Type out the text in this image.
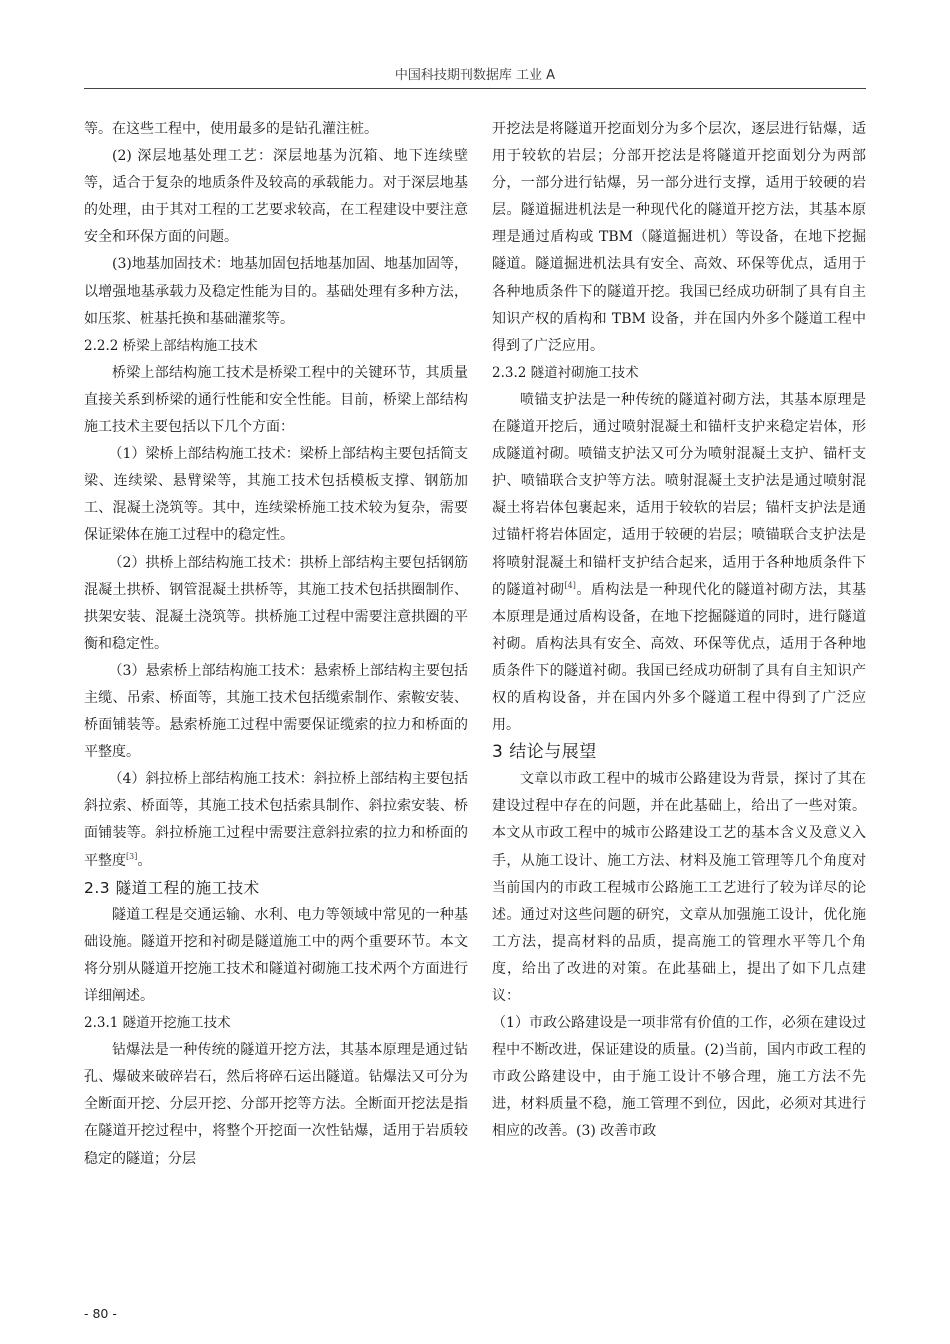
中国科技期刊数据库 工业 A

等。在这些工程中，使用最多的是钻孔灌注桩。

(2) 深层地基处理工艺：深层地基为沉箱、地下连续壁等，适合于复杂的地质条件及较高的承载能力。对于深层地基的处理，由于其对工程的工艺要求较高，在工程建设中要注意安全和环保方面的问题。

(3)地基加固技术：地基加固包括地基加固、地基加固等，以增强地基承载力及稳定性能为目的。基础处理有多种方法，如压浆、桩基托换和基础灌浆等。

2.2.2 桥梁上部结构施工技术

桥梁上部结构施工技术是桥梁工程中的关键环节，其质量直接关系到桥梁的通行性能和安全性能。目前，桥梁上部结构施工技术主要包括以下几个方面：

（1）梁桥上部结构施工技术：梁桥上部结构主要包括简支梁、连续梁、悬臂梁等，其施工技术包括模板支撑、钢筋加工、混凝土浇筑等。其中，连续梁桥施工技术较为复杂，需要保证梁体在施工过程中的稳定性。

（2）拱桥上部结构施工技术：拱桥上部结构主要包括钢筋混凝土拱桥、钢管混凝土拱桥等，其施工技术包括拱圈制作、拱架安装、混凝土浇筑等。拱桥施工过程中需要注意拱圈的平衡和稳定性。

（3）悬索桥上部结构施工技术：悬索桥上部结构主要包括主缆、吊索、桥面等，其施工技术包括缆索制作、索鞍安装、桥面铺装等。悬索桥施工过程中需要保证缆索的拉力和桥面的平整度。

（4）斜拉桥上部结构施工技术：斜拉桥上部结构主要包括斜拉索、桥面等，其施工技术包括索具制作、斜拉索安装、桥面铺装等。斜拉桥施工过程中需要注意斜拉索的拉力和桥面的平整度[3]。

2.3 隧道工程的施工技术

隧道工程是交通运输、水利、电力等领域中常见的一种基础设施。隧道开挖和衬砌是隧道施工中的两个重要环节。本文将分别从隧道开挖施工技术和隧道衬砌施工技术两个方面进行详细阐述。

2.3.1 隧道开挖施工技术

钻爆法是一种传统的隧道开挖方法，其基本原理是通过钻孔、爆破来破碎岩石，然后将碎石运出隧道。钻爆法又可分为全断面开挖、分层开挖、分部开挖等方法。全断面开挖法是指在隧道开挖过程中，将整个开挖面一次性钻爆，适用于岩质较稳定的隧道；分层

开挖法是将隧道开挖面划分为多个层次，逐层进行钻爆，适用于较软的岩层；分部开挖法是将隧道开挖面划分为两部分，一部分进行钻爆，另一部分进行支撑，适用于较硬的岩层。隧道掘进机法是一种现代化的隧道开挖方法，其基本原理是通过盾构或 TBM（隧道掘进机）等设备，在地下挖掘隧道。隧道掘进机法具有安全、高效、环保等优点，适用于各种地质条件下的隧道开挖。我国已经成功研制了具有自主知识产权的盾构和 TBM 设备，并在国内外多个隧道工程中得到了广泛应用。

2.3.2 隧道衬砌施工技术

喷锚支护法是一种传统的隧道衬砌方法，其基本原理是在隧道开挖后，通过喷射混凝土和锚杆支护来稳定岩体，形成隧道衬砌。喷锚支护法又可分为喷射混凝土支护、锚杆支护、喷锚联合支护等方法。喷射混凝土支护法是通过喷射混凝土将岩体包裹起来，适用于较软的岩层；锚杆支护法是通过锚杆将岩体固定，适用于较硬的岩层；喷锚联合支护法是将喷射混凝土和锚杆支护结合起来，适用于各种地质条件下的隧道衬砌[4]。盾构法是一种现代化的隧道衬砌方法，其基本原理是通过盾构设备，在地下挖掘隧道的同时，进行隧道衬砌。盾构法具有安全、高效、环保等优点，适用于各种地质条件下的隧道衬砌。我国已经成功研制了具有自主知识产权的盾构设备，并在国内外多个隧道工程中得到了广泛应用。

3 结论与展望

文章以市政工程中的城市公路建设为背景，探讨了其在建设过程中存在的问题，并在此基础上，给出了一些对策。本文从市政工程中的城市公路建设工艺的基本含义及意义入手，从施工设计、施工方法、材料及施工管理等几个角度对当前国内的市政工程城市公路施工工艺进行了较为详尽的论述。通过对这些问题的研究，文章从加强施工设计，优化施工方法，提高材料的品质，提高施工的管理水平等几个角度，给出了改进的对策。在此基础上，提出了如下几点建议：

（1）市政公路建设是一项非常有价值的工作，必须在建设过程中不断改进，保证建设的质量。(2)当前，国内市政工程的市政公路建设中，由于施工设计不够合理，施工方法不先进，材料质量不稳，施工管理不到位，因此，必须对其进行相应的改善。(3) 改善市政

- 80 -
